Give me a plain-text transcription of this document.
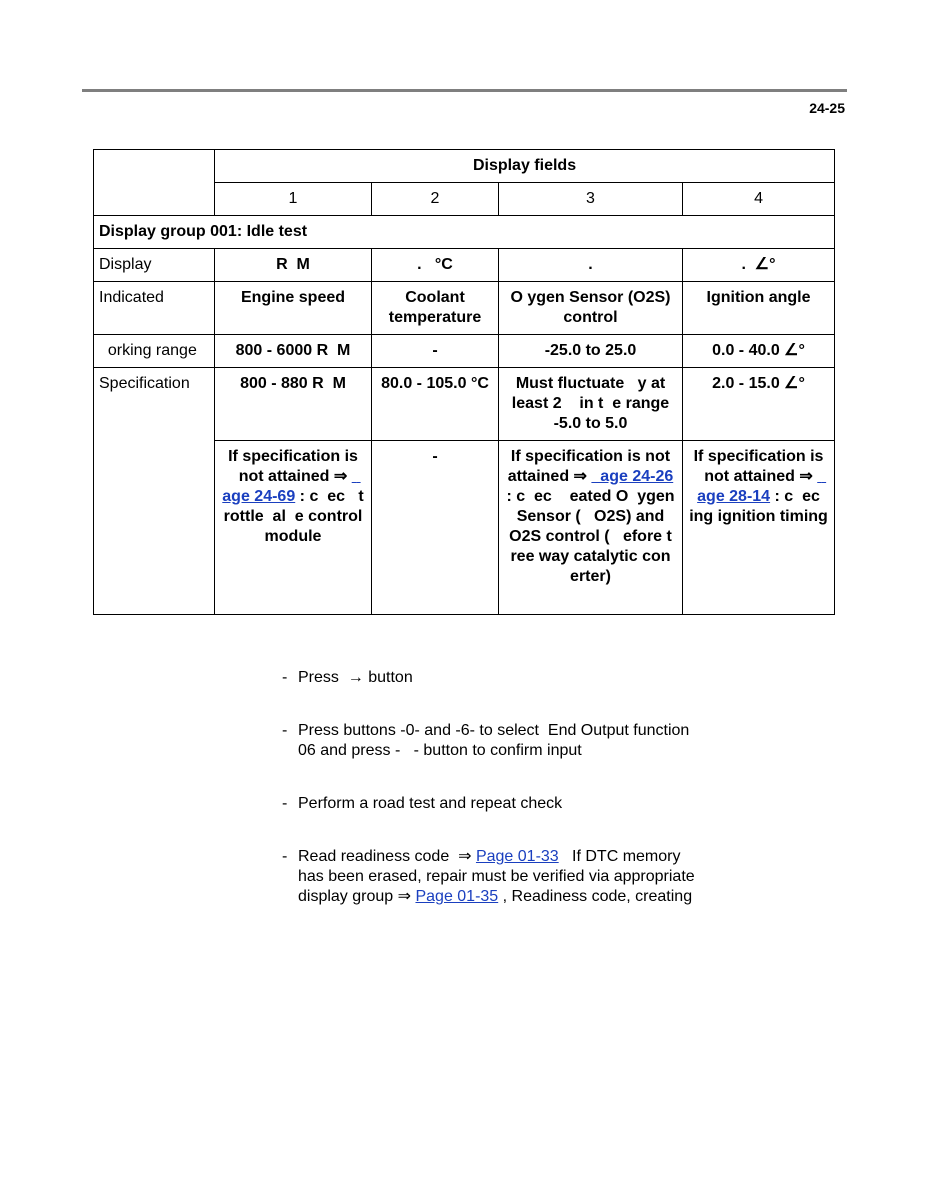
24-25
	Display fields			
	1	2	3	4
Display group 001: Idle test				
Display	R  M	.   °C	.	.  ∠°
Indicated	Engine speed	Coolant temperature	O ygen Sensor (O2S) control	Ignition angle
orking range	800 - 6000 R  M	-	-25.0 to 25.0	0.0 - 40.0 ∠°
Specification	800 - 880 R  M	80.0 - 105.0 °C	Must fluctuate   y at least 2    in t  e range -5.0 to 5.0	2.0 - 15.0 ∠°
	If specification is not attained ⇒   age 24-69 : c  ec   t  rottle  al  e control module	-	If specification is not attained ⇒   age 24-26 : c  ec    eated O  ygen Sensor (   O2S) and O2S control (   efore t  ree way catalytic con  erter)	If specification is not attained ⇒   age 28-14 : c  ec  ing ignition timing
- Press  → button
- Press buttons -0- and -6- to select  End Output function 06 and press -   - button to confirm input
- Perform a road test and repeat check
- Read readiness code  ⇒ Page 01-33   If DTC memory has been erased, repair must be verified via appropriate display group ⇒ Page 01-35 , Readiness code, creating
